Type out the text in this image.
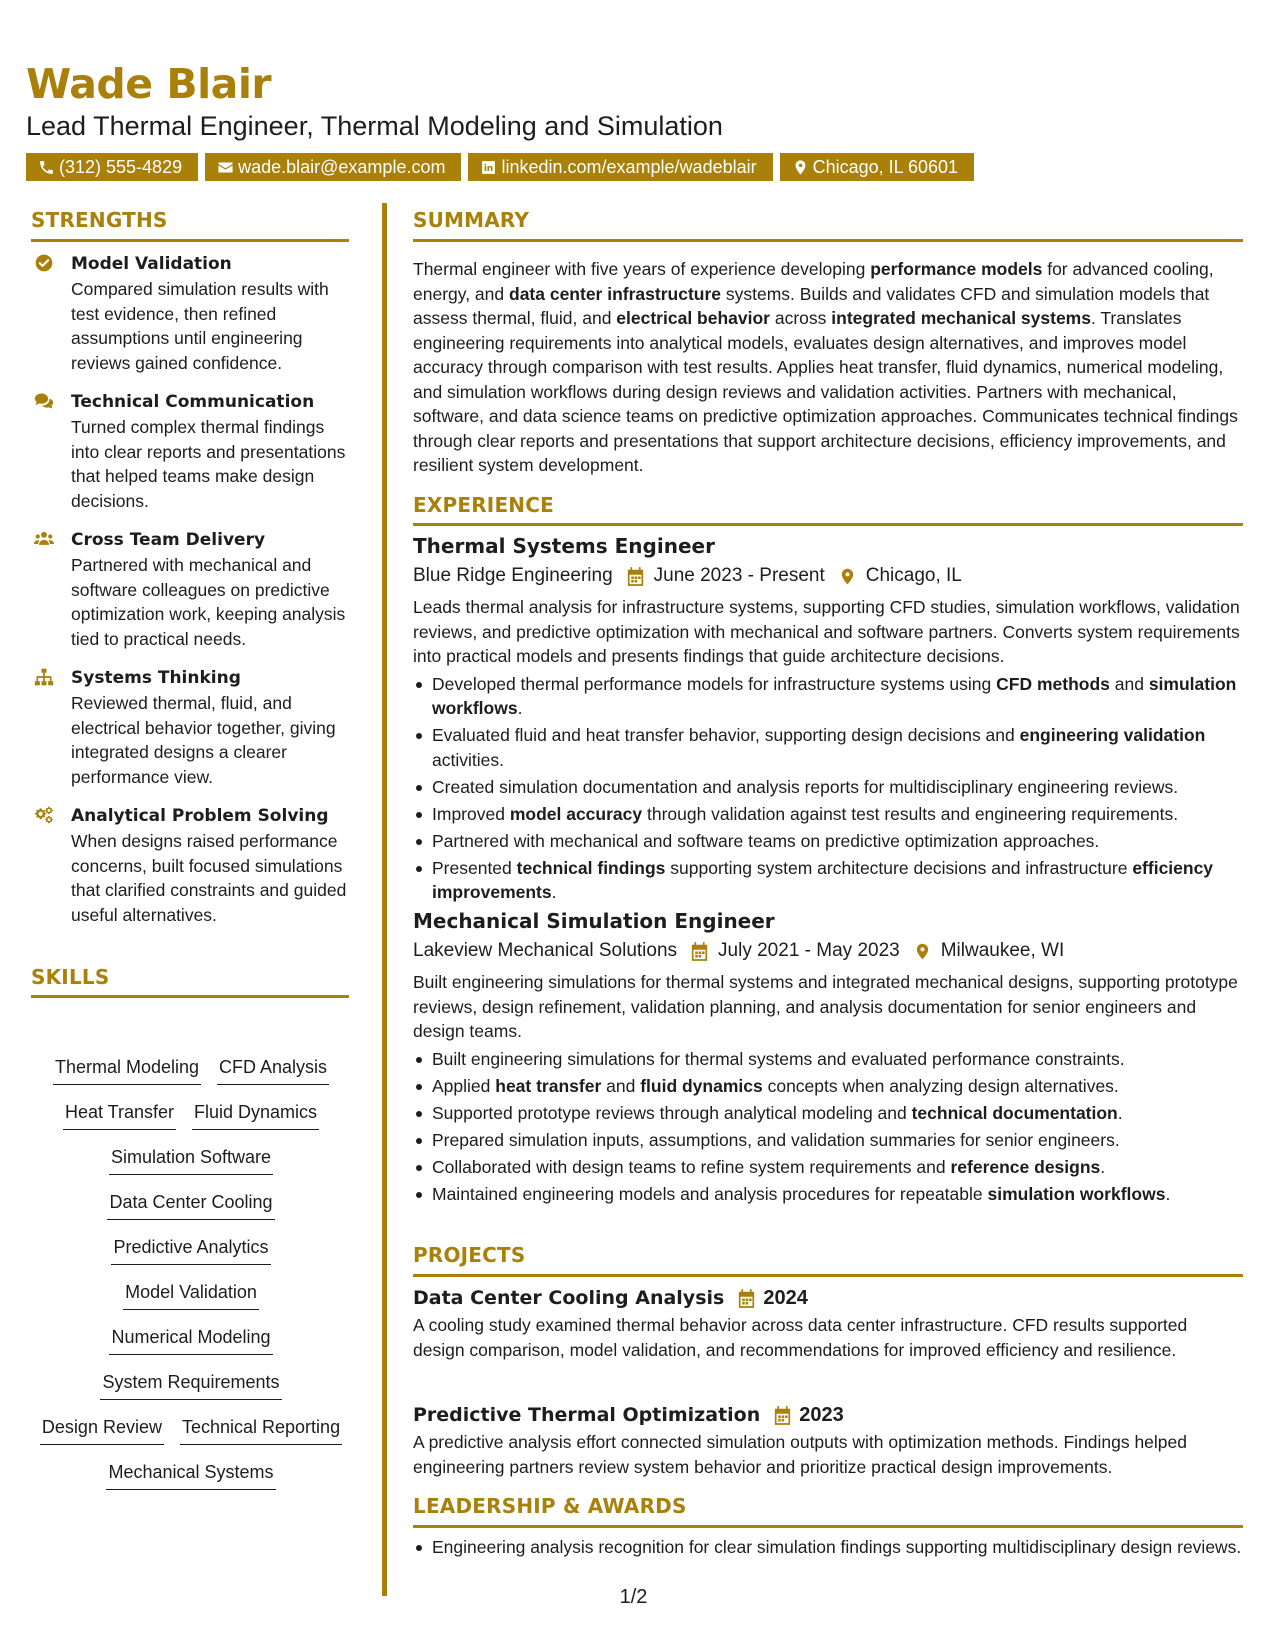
Wade Blair
Lead Thermal Engineer, Thermal Modeling and Simulation
(312) 555-4829	wade.blair@example.com	linkedin.com/example/wadeblair	Chicago, IL 60601
STRENGTHS
Model Validation
Compared simulation results with test evidence, then refined assumptions until engineering reviews gained confidence.
Technical Communication
Turned complex thermal findings into clear reports and presentations that helped teams make design decisions.
Cross Team Delivery
Partnered with mechanical and software colleagues on predictive optimization work, keeping analysis tied to practical needs.
Systems Thinking
Reviewed thermal, fluid, and electrical behavior together, giving integrated designs a clearer performance view.
Analytical Problem Solving
When designs raised performance concerns, built focused simulations that clarified constraints and guided useful alternatives.
SKILLS
Thermal Modeling CFD Analysis
Heat Transfer Fluid Dynamics
Simulation Software
Data Center Cooling
Predictive Analytics
Model Validation
Numerical Modeling
System Requirements
Design Review Technical Reporting
Mechanical Systems
SUMMARY
Thermal engineer with five years of experience developing performance models for advanced cooling, energy, and data center infrastructure systems. Builds and validates CFD and simulation models that assess thermal, fluid, and electrical behavior across integrated mechanical systems. Translates engineering requirements into analytical models, evaluates design alternatives, and improves model accuracy through comparison with test results. Applies heat transfer, fluid dynamics, numerical modeling, and simulation workflows during design reviews and validation activities. Partners with mechanical, software, and data science teams on predictive optimization approaches. Communicates technical findings through clear reports and presentations that support architecture decisions, efficiency improvements, and resilient system development.
EXPERIENCE
Thermal Systems Engineer
Blue Ridge Engineering June 2023 - Present Chicago, IL
Leads thermal analysis for infrastructure systems, supporting CFD studies, simulation workflows, validation reviews, and predictive optimization with mechanical and software partners. Converts system requirements into practical models and presents findings that guide architecture decisions.
Developed thermal performance models for infrastructure systems using CFD methods and simulation workflows.
Evaluated fluid and heat transfer behavior, supporting design decisions and engineering validation activities.
Created simulation documentation and analysis reports for multidisciplinary engineering reviews.
Improved model accuracy through validation against test results and engineering requirements.
Partnered with mechanical and software teams on predictive optimization approaches.
Presented technical findings supporting system architecture decisions and infrastructure efficiency improvements.
Mechanical Simulation Engineer
Lakeview Mechanical Solutions July 2021 - May 2023 Milwaukee, WI
Built engineering simulations for thermal systems and integrated mechanical designs, supporting prototype reviews, design refinement, validation planning, and analysis documentation for senior engineers and design teams.
Built engineering simulations for thermal systems and evaluated performance constraints.
Applied heat transfer and fluid dynamics concepts when analyzing design alternatives.
Supported prototype reviews through analytical modeling and technical documentation.
Prepared simulation inputs, assumptions, and validation summaries for senior engineers.
Collaborated with design teams to refine system requirements and reference designs.
Maintained engineering models and analysis procedures for repeatable simulation workflows.
PROJECTS
Data Center Cooling Analysis 2024
A cooling study examined thermal behavior across data center infrastructure. CFD results supported design comparison, model validation, and recommendations for improved efficiency and resilience.
Predictive Thermal Optimization 2023
A predictive analysis effort connected simulation outputs with optimization methods. Findings helped engineering partners review system behavior and prioritize practical design improvements.
LEADERSHIP & AWARDS
Engineering analysis recognition for clear simulation findings supporting multidisciplinary design reviews.
1/2
